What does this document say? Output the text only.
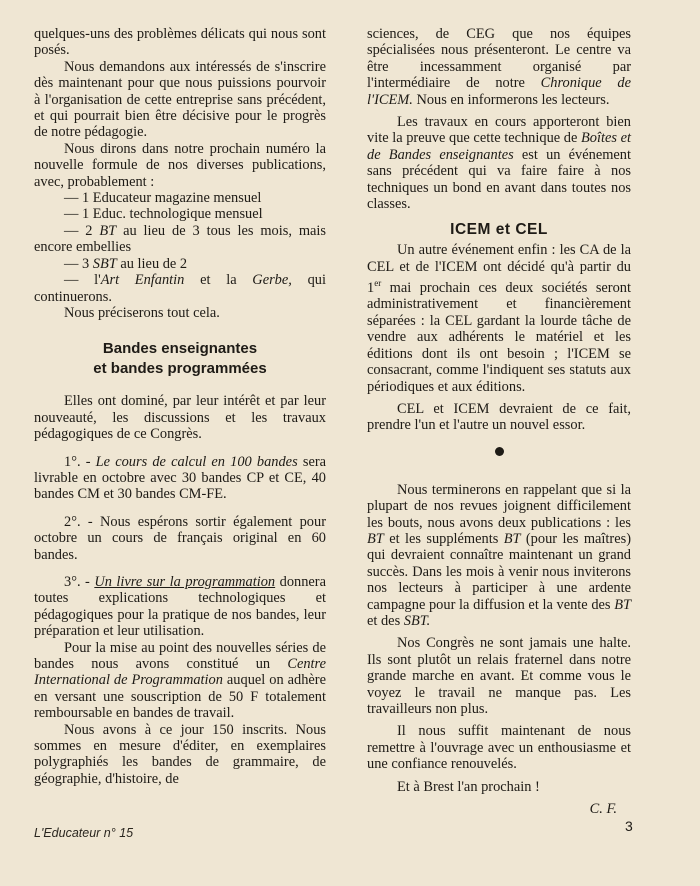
quelques-uns des problèmes délicats qui nous sont posés.

Nous demandons aux intéressés de s'inscrire dès maintenant pour que nous puissions pourvoir à l'organisation de cette entreprise sans précédent, et qui pourrait bien être décisive pour le progrès de notre pédagogie.

Nous dirons dans notre prochain numéro la nouvelle formule de nos diverses publications, avec, probablement :

— 1 Educateur magazine mensuel

— 1 Educ. technologique mensuel

— 2 BT au lieu de 3 tous les mois, mais encore embellies

— 3 SBT au lieu de 2

— l'Art Enfantin et la Gerbe, qui continuerons.

Nous préciserons tout cela.

Bandes enseignantes
et bandes programmées

Elles ont dominé, par leur intérêt et par leur nouveauté, les discussions et les travaux pédagogiques de ce Congrès.

1°. - Le cours de calcul en 100 bandes sera livrable en octobre avec 30 bandes CP et CE, 40 bandes CM et 30 bandes CM-FE.

2°. - Nous espérons sortir également pour octobre un cours de français original en 60 bandes.

3°. - Un livre sur la programmation donnera toutes explications technologiques et pédagogiques pour la pratique de nos bandes, leur préparation et leur utilisation.

Pour la mise au point des nouvelles séries de bandes nous avons constitué un Centre International de Programmation auquel on adhère en versant une souscription de 50 F totalement remboursable en bandes de travail.

Nous avons à ce jour 150 inscrits. Nous sommes en mesure d'éditer, en exemplaires polygraphiés les bandes de grammaire, de géographie, d'histoire, de

sciences, de CEG que nos équipes spécialisées nous présenteront. Le centre va être incessamment organisé par l'intermédiaire de notre Chronique de l'ICEM. Nous en informerons les lecteurs.

Les travaux en cours apporteront bien vite la preuve que cette technique de Boîtes et de Bandes enseignantes est un événement sans précédent qui va faire faire à nos techniques un bond en avant dans toutes nos classes.

ICEM et CEL

Un autre événement enfin : les CA de la CEL et de l'ICEM ont décidé qu'à partir du 1er mai prochain ces deux sociétés seront administrativement et financièrement séparées : la CEL gardant la lourde tâche de vendre aux adhérents le matériel et les éditions dont ils ont besoin ; l'ICEM se consacrant, comme l'indiquent ses statuts aux périodiques et aux éditions.

CEL et ICEM devraient de ce fait, prendre l'un et l'autre un nouvel essor.

Nous terminerons en rappelant que si la plupart de nos revues joignent difficilement les bouts, nous avons deux publications : les BT et les suppléments BT (pour les maîtres) qui devraient connaître maintenant un grand succès. Dans les mois à venir nous inviterons nos lecteurs à participer à une ardente campagne pour la diffusion et la vente des BT et des SBT.

Nos Congrès ne sont jamais une halte. Ils sont plutôt un relais fraternel dans notre grande marche en avant. Et comme vous le voyez le travail ne manque pas. Les travailleurs non plus.

Il nous suffit maintenant de nous remettre à l'ouvrage avec un enthousiasme et une confiance renouvelés.

Et à Brest l'an prochain !

C. F.

L'Educateur n° 15	3
